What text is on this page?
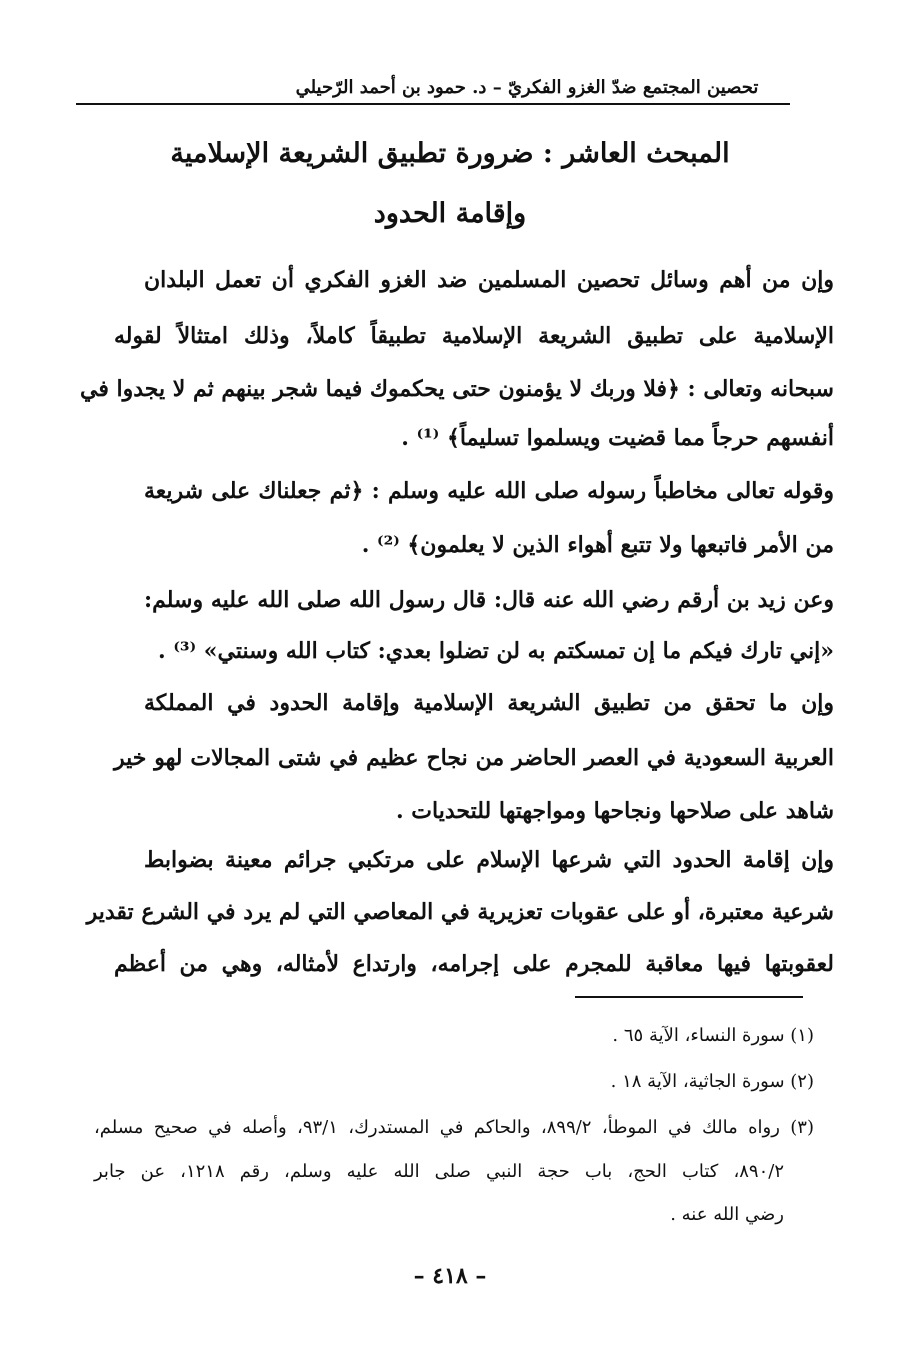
تحصين المجتمع ضدّ الغزو الفكريّ – د. حمود بن أحمد الرّحيلي
المبحث العاشر : ضرورة تطبيق الشريعة الإسلامية
وإقامة الحدود
وإن من أهم وسائل تحصين المسلمين ضد الغزو الفكري أن تعمل البلدان
الإسلامية على تطبيق الشريعة الإسلامية تطبيقاً كاملاً، وذلك امتثالاً لقوله
سبحانه وتعالى : ﴿فلا وربك لا يؤمنون حتى يحكموك فيما شجر بينهم ثم لا يجدوا في
أنفسهم حرجاً مما قضيت ويسلموا تسليماً﴾ ⁽¹⁾ .
وقوله تعالى مخاطباً رسوله صلى الله عليه وسلم : ﴿ثم جعلناك على شريعة
من الأمر فاتبعها ولا تتبع أهواء الذين لا يعلمون﴾ ⁽²⁾ .
وعن زيد بن أرقم رضي الله عنه قال: قال رسول الله صلى الله عليه وسلم:
«إني تارك فيكم ما إن تمسكتم به لن تضلوا بعدي: كتاب الله وسنتي» ⁽³⁾ .
وإن ما تحقق من تطبيق الشريعة الإسلامية وإقامة الحدود في المملكة
العربية السعودية في العصر الحاضر من نجاح عظيم في شتى المجالات لهو خير
شاهد على صلاحها ونجاحها ومواجهتها للتحديات .
وإن إقامة الحدود التي شرعها الإسلام على مرتكبي جرائم معينة بضوابط
شرعية معتبرة، أو على عقوبات تعزيرية في المعاصي التي لم يرد في الشرع تقدير
لعقوبتها فيها معاقبة للمجرم على إجرامه، وارتداع لأمثاله، وهي من أعظم
(١) سورة النساء، الآية ٦٥ .
(٢) سورة الجاثية، الآية ١٨ .
(٣) رواه مالك في الموطأ، ٨٩٩/٢، والحاكم في المستدرك، ٩٣/١، وأصله في صحيح مسلم،
٨٩٠/٢، كتاب الحج، باب حجة النبي صلى الله عليه وسلم، رقم ١٢١٨، عن جابر
رضي الله عنه .
– ٤١٨ –
